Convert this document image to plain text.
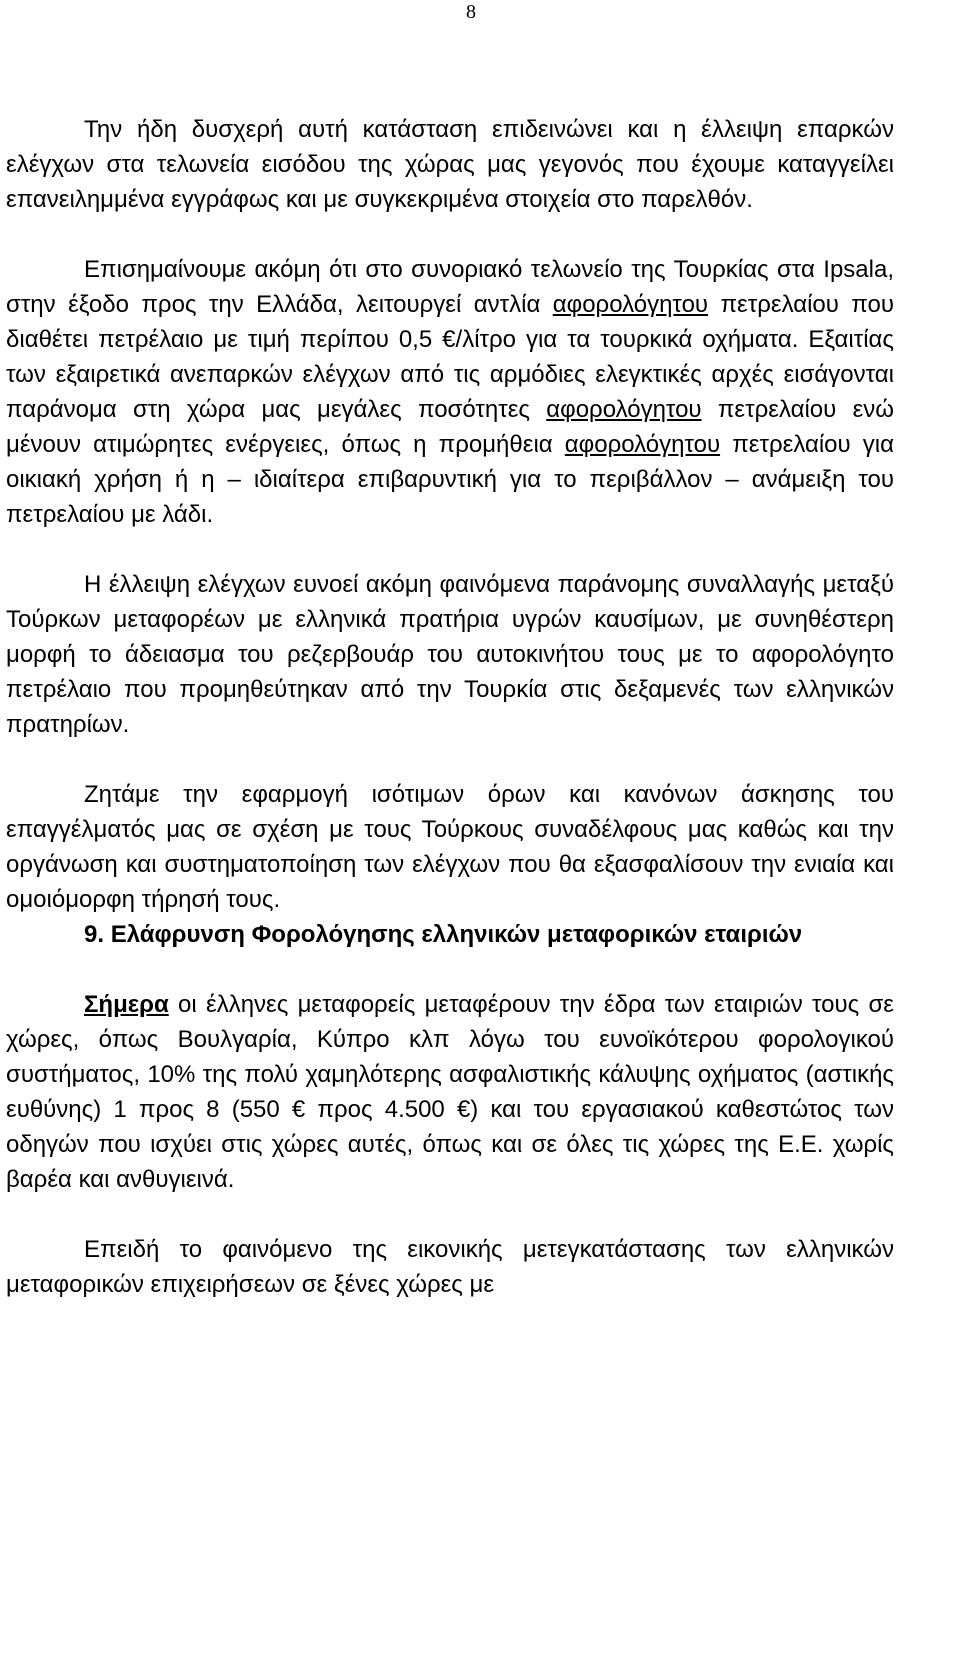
8

Την ήδη δυσχερή αυτή κατάσταση επιδεινώνει και η έλλειψη επαρκών ελέγχων στα τελωνεία εισόδου της χώρας μας γεγονός που έχουμε καταγγείλει επανειλημμένα εγγράφως και με συγκεκριμένα στοιχεία στο παρελθόν.

Επισημαίνουμε ακόμη ότι στο συνοριακό τελωνείο της Τουρκίας στα Ipsala, στην έξοδο προς την Ελλάδα, λειτουργεί αντλία αφορολόγητου πετρελαίου που διαθέτει πετρέλαιο με τιμή περίπου 0,5 €/λίτρο για τα τουρκικά οχήματα. Εξαιτίας των εξαιρετικά ανεπαρκών ελέγχων από τις αρμόδιες ελεγκτικές αρχές εισάγονται παράνομα στη χώρα μας μεγάλες ποσότητες αφορολόγητου πετρελαίου ενώ μένουν ατιμώρητες ενέργειες, όπως η προμήθεια αφορολόγητου πετρελαίου για οικιακή χρήση ή η – ιδιαίτερα επιβαρυντική για το περιβάλλον – ανάμειξη του πετρελαίου με λάδι.

Η έλλειψη ελέγχων ευνοεί ακόμη φαινόμενα παράνομης συναλλαγής μεταξύ Τούρκων μεταφορέων με ελληνικά πρατήρια υγρών καυσίμων, με συνηθέστερη μορφή το άδειασμα του ρεζερβουάρ του αυτοκινήτου τους με το αφορολόγητο πετρέλαιο που προμηθεύτηκαν από την Τουρκία στις δεξαμενές των ελληνικών πρατηρίων.

Ζητάμε την εφαρμογή ισότιμων όρων και κανόνων άσκησης του επαγγέλματός μας σε σχέση με τους Τούρκους συναδέλφους μας καθώς και την οργάνωση και συστηματοποίηση των ελέγχων που θα εξασφαλίσουν την ενιαία και ομοιόμορφη τήρησή τους.

9. Ελάφρυνση Φορολόγησης ελληνικών μεταφορικών εταιριών

Σήμερα οι έλληνες μεταφορείς μεταφέρουν την έδρα των εταιριών τους σε χώρες, όπως Βουλγαρία, Κύπρο κλπ λόγω του ευνοϊκότερου φορολογικού συστήματος, 10% της πολύ χαμηλότερης ασφαλιστικής κάλυψης οχήματος (αστικής ευθύνης) 1 προς 8 (550 € προς 4.500 €) και του εργασιακού καθεστώτος των οδηγών που ισχύει στις χώρες αυτές, όπως και σε όλες τις χώρες της Ε.Ε. χωρίς βαρέα και ανθυγιεινά.

Επειδή το φαινόμενο της εικονικής μετεγκατάστασης των ελληνικών μεταφορικών επιχειρήσεων σε ξένες χώρες με
